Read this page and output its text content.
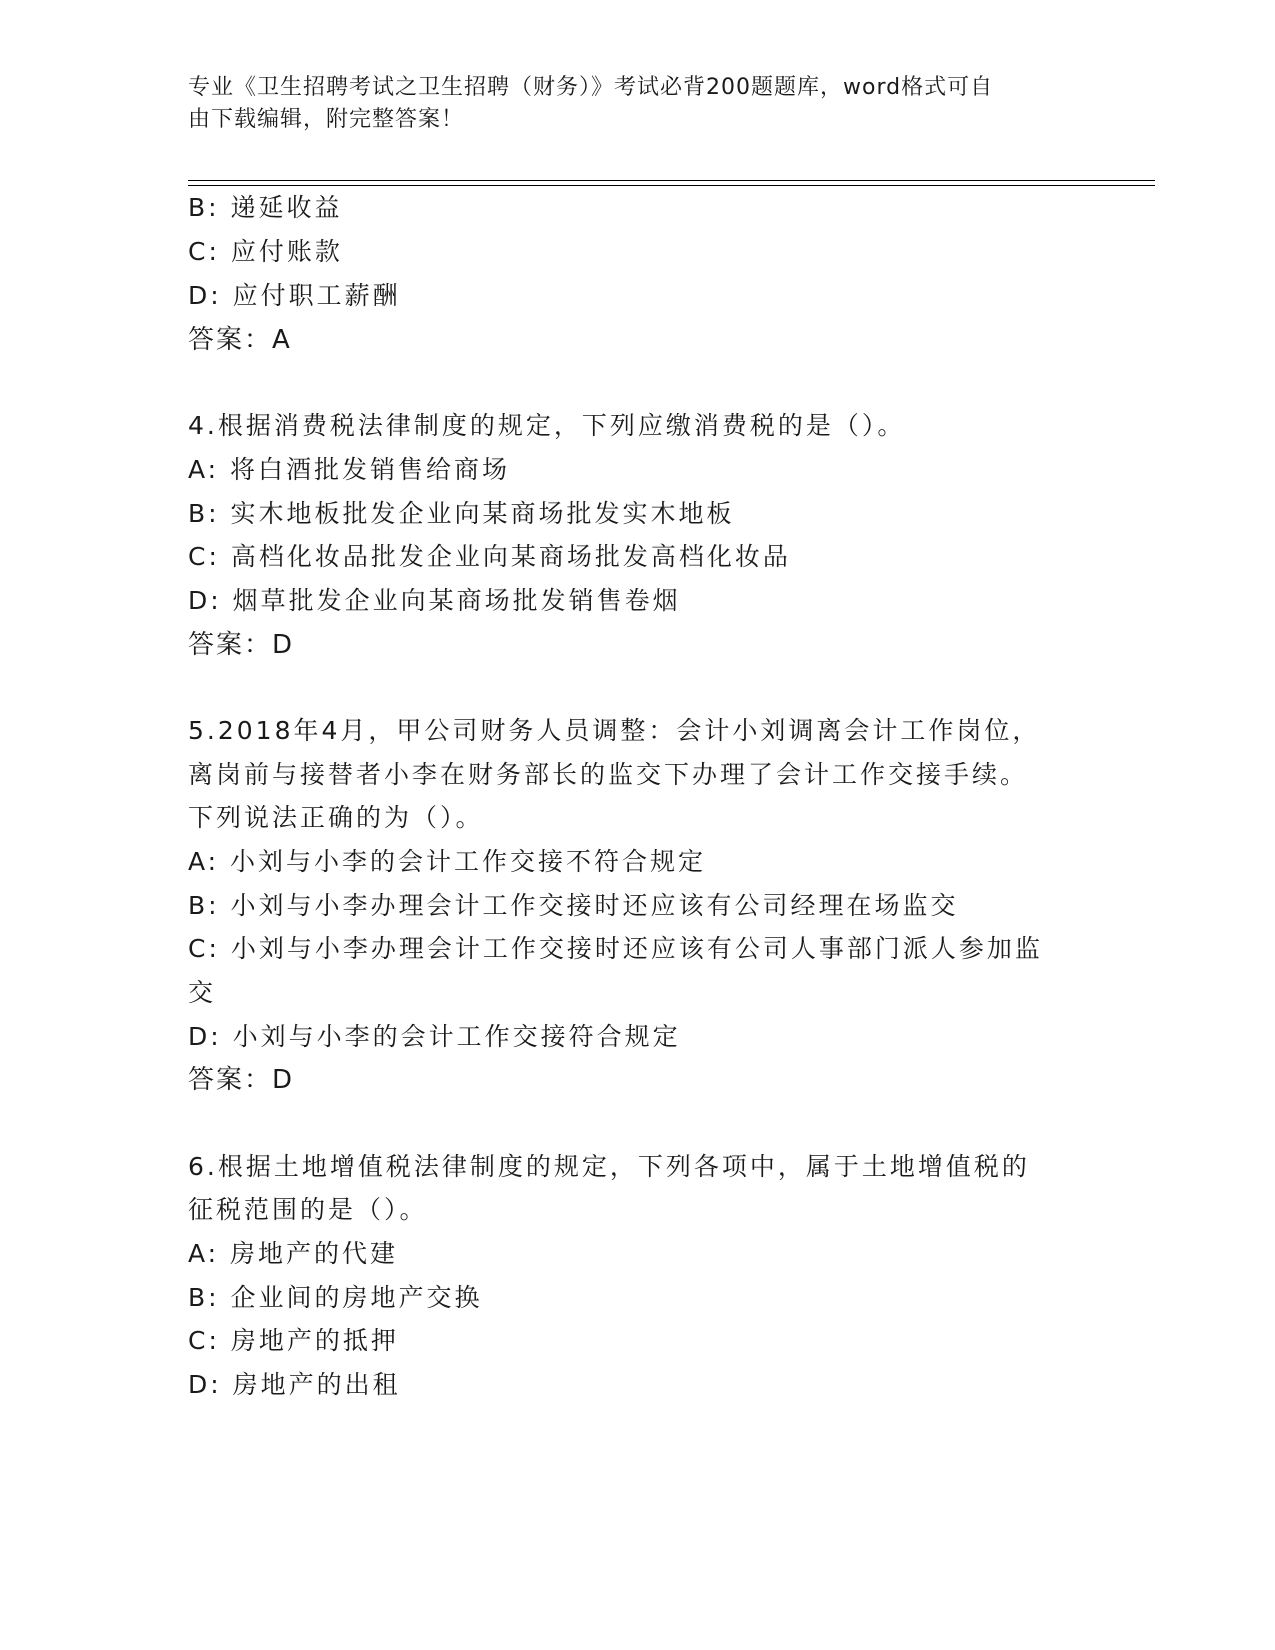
专业《卫生招聘考试之卫生招聘（财务）》考试必背200题题库，word格式可自
由下载编辑，附完整答案！
B: 递延收益
C: 应付账款
D: 应付职工薪酬
答案：A
4.根据消费税法律制度的规定，下列应缴消费税的是（）。
A: 将白酒批发销售给商场
B: 实木地板批发企业向某商场批发实木地板
C: 高档化妆品批发企业向某商场批发高档化妆品
D: 烟草批发企业向某商场批发销售卷烟
答案：D
5.2018年4月，甲公司财务人员调整：会计小刘调离会计工作岗位，
离岗前与接替者小李在财务部长的监交下办理了会计工作交接手续。
下列说法正确的为（）。
A: 小刘与小李的会计工作交接不符合规定
B: 小刘与小李办理会计工作交接时还应该有公司经理在场监交
C: 小刘与小李办理会计工作交接时还应该有公司人事部门派人参加监
交
D: 小刘与小李的会计工作交接符合规定
答案：D
6.根据土地增值税法律制度的规定，下列各项中，属于土地增值税的
征税范围的是（）。
A: 房地产的代建
B: 企业间的房地产交换
C: 房地产的抵押
D: 房地产的出租
